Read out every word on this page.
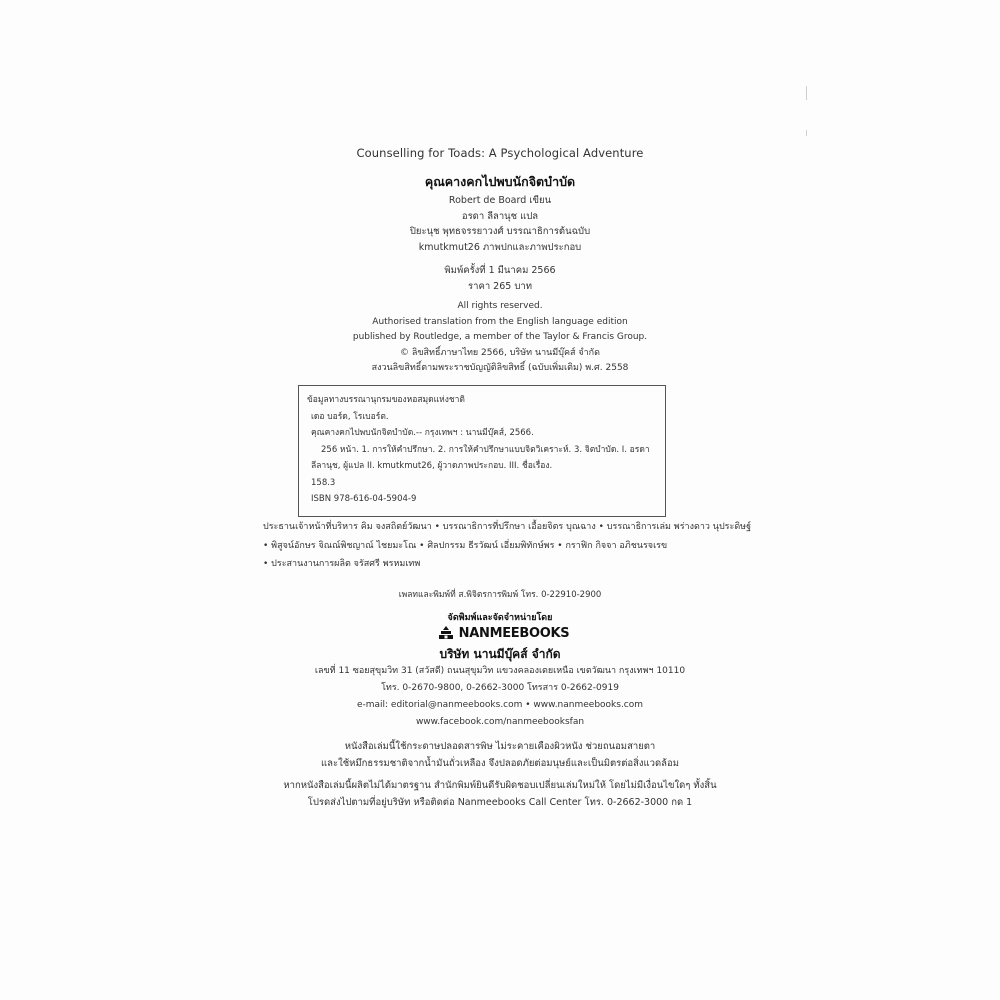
Counselling for Toads: A Psychological Adventure
คุณคางคกไปพบนักจิตบำบัด
Robert de Board เขียน
อรดา ลีลานุช แปล
ปิยะนุช พุทธจรรยาวงศ์ บรรณาธิการต้นฉบับ
kmutkmut26 ภาพปกและภาพประกอบ
พิมพ์ครั้งที่ 1 มีนาคม 2566
ราคา 265 บาท
All rights reserved.
Authorised translation from the English language edition
published by Routledge, a member of the Taylor & Francis Group.
© ลิขสิทธิ์ภาษาไทย 2566, บริษัท นานมีบุ๊คส์ จำกัด
สงวนลิขสิทธิ์ตามพระราชบัญญัติลิขสิทธิ์ (ฉบับเพิ่มเติม) พ.ศ. 2558
ข้อมูลทางบรรณานุกรมของหอสมุดแห่งชาติ
เดอ บอร์ด, โรเบอร์ต.
คุณคางคกไปพบนักจิตบำบัด.-- กรุงเทพฯ : นานมีบุ๊คส์, 2566.
256 หน้า. 1. การให้คำปรึกษา. 2. การให้คำปรึกษาแบบจิตวิเคราะห์. 3. จิตบำบัด. I. อรดา
ลีลานุช, ผู้แปล II. kmutkmut26, ผู้วาดภาพประกอบ. III. ชื่อเรื่อง.
158.3
ISBN 978-616-04-5904-9
ประธานเจ้าหน้าที่บริหาร คิม จงสถิตย์วัฒนา • บรรณาธิการที่ปรึกษา เอื้อยจิตร บุณฉาง • บรรณาธิการเล่ม พร่างดาว นุประดิษฐ์
• พิสูจน์อักษร จิณณ์พิชญาณ์ ไชยมะโณ • ศิลปกรรม ธีรวัฒน์ เอี่ยมพิทักษ์พร • กราฟิก กิจจา อภิชนรจเรข
• ประสานงานการผลิต จรัสศรี พรหมเทพ
เพลทและพิมพ์ที่ ส.พิจิตรการพิมพ์ โทร. 0-22910-2900
จัดพิมพ์และจัดจำหน่ายโดย
NANMEEBOOKS
บริษัท นานมีบุ๊คส์ จำกัด
เลขที่ 11 ซอยสุขุมวิท 31 (สวัสดี) ถนนสุขุมวิท แขวงคลองเตยเหนือ เขตวัฒนา กรุงเทพฯ 10110
โทร. 0-2670-9800, 0-2662-3000 โทรสาร 0-2662-0919
e-mail: editorial@nanmeebooks.com • www.nanmeebooks.com
www.facebook.com/nanmeebooksfan
หนังสือเล่มนี้ใช้กระดาษปลอดสารพิษ ไม่ระคายเคืองผิวหนัง ช่วยถนอมสายตา
และใช้หมึกธรรมชาติจากน้ำมันถั่วเหลือง จึงปลอดภัยต่อมนุษย์และเป็นมิตรต่อสิ่งแวดล้อม
หากหนังสือเล่มนี้ผลิตไม่ได้มาตรฐาน สำนักพิมพ์ยินดีรับผิดชอบเปลี่ยนเล่มใหม่ให้ โดยไม่มีเงื่อนไขใดๆ ทั้งสิ้น
โปรดส่งไปตามที่อยู่บริษัท หรือติดต่อ Nanmeebooks Call Center โทร. 0-2662-3000 กด 1
